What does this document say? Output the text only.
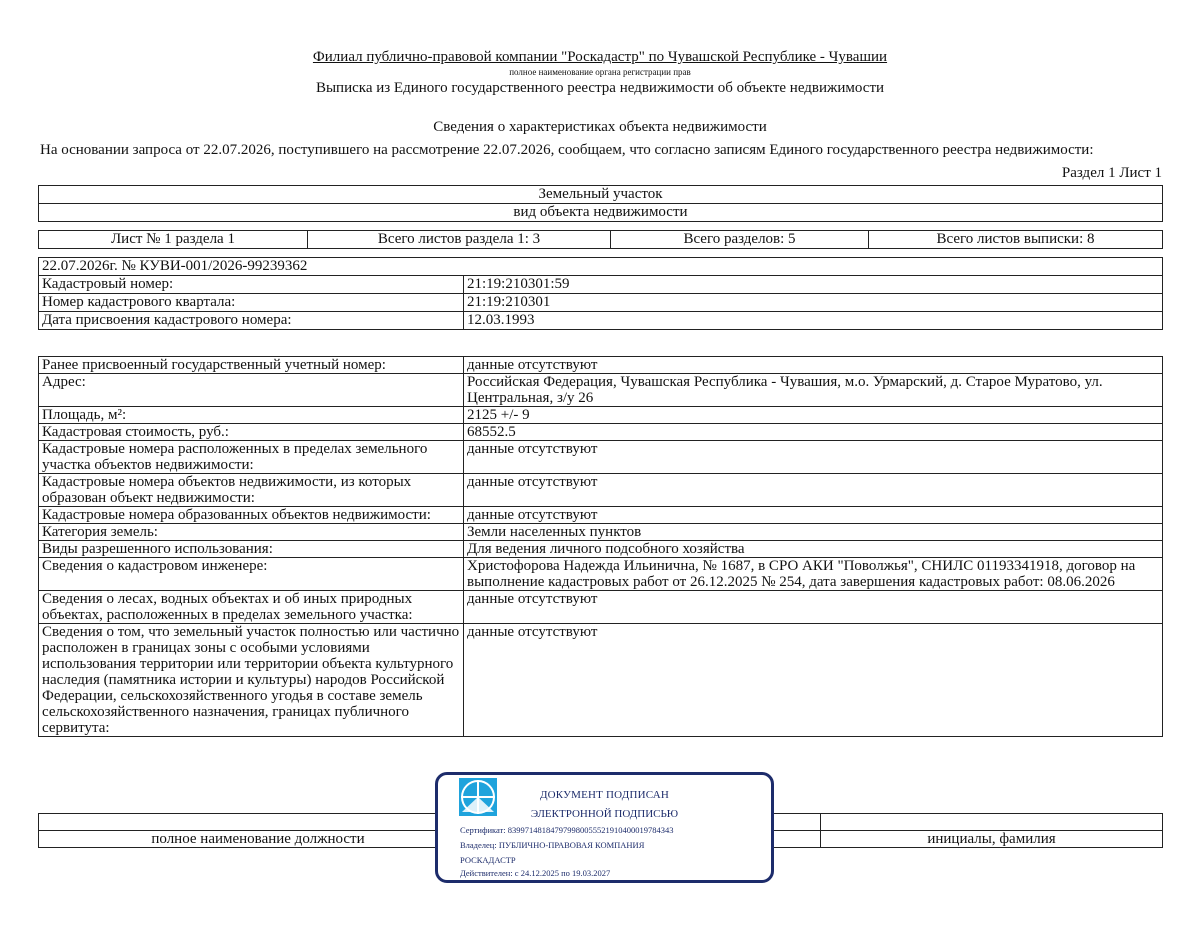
Филиал публично-правовой компании "Роскадастр" по Чувашской Республике - Чувашии
полное наименование органа регистрации прав
Выписка из Единого государственного реестра недвижимости об объекте недвижимости
Сведения о характеристиках объекта недвижимости
На основании запроса от 22.07.2026, поступившего на рассмотрение 22.07.2026, сообщаем, что согласно записям Единого государственного реестра недвижимости:
Раздел 1 Лист 1
Земельный участок
вид объекта недвижимости
Лист № 1 раздела 1	Всего листов раздела 1: 3	Всего разделов: 5	Всего листов выписки: 8
22.07.2026г. № КУВИ-001/2026-99239362	
Кадастровый номер:	21:19:210301:59
Номер кадастрового квартала:	21:19:210301
Дата присвоения кадастрового номера:	12.03.1993
Ранее присвоенный государственный учетный номер:	данные отсутствуют
Адрес:	Российская Федерация, Чувашская Республика - Чувашия, м.о. Урмарский, д. Старое Муратово, ул. Центральная, з/у 26
Площадь, м²:	2125 +/- 9
Кадастровая стоимость, руб.:	68552.5
Кадастровые номера расположенных в пределах земельного участка объектов недвижимости:	данные отсутствуют
Кадастровые номера объектов недвижимости, из которых образован объект недвижимости:	данные отсутствуют
Кадастровые номера образованных объектов недвижимости:	данные отсутствуют
Категория земель:	Земли населенных пунктов
Виды разрешенного использования:	Для ведения личного подсобного хозяйства
Сведения о кадастровом инженере:	Христофорова Надежда Ильинична, № 1687, в СРО АКИ "Поволжья", СНИЛС 01193341918, договор на выполнение кадастровых работ от 26.12.2025 № 254, дата завершения кадастровых работ: 08.06.2026
Сведения о лесах, водных объектах и об иных природных объектах, расположенных в пределах земельного участка:	данные отсутствуют
Сведения о том, что земельный участок полностью или частично расположен в границах зоны с особыми условиями использования территории или территории объекта культурного наследия (памятника истории и культуры) народов Российской Федерации, сельскохозяйственного угодья в составе земель сельскохозяйственного назначения, границах публичного сервитута:	данные отсутствуют

полное наименование должности		инициалы, фамилия
ДОКУМЕНТ ПОДПИСАН
ЭЛЕКТРОННОЙ ПОДПИСЬЮ
Сертификат: 839971481847979980055521910400019784З43
Владелец: ПУБЛИЧНО-ПРАВОВАЯ КОМПАНИЯ
РОСКАДАСТР
Действителен: с 24.12.2025 по 19.03.2027
